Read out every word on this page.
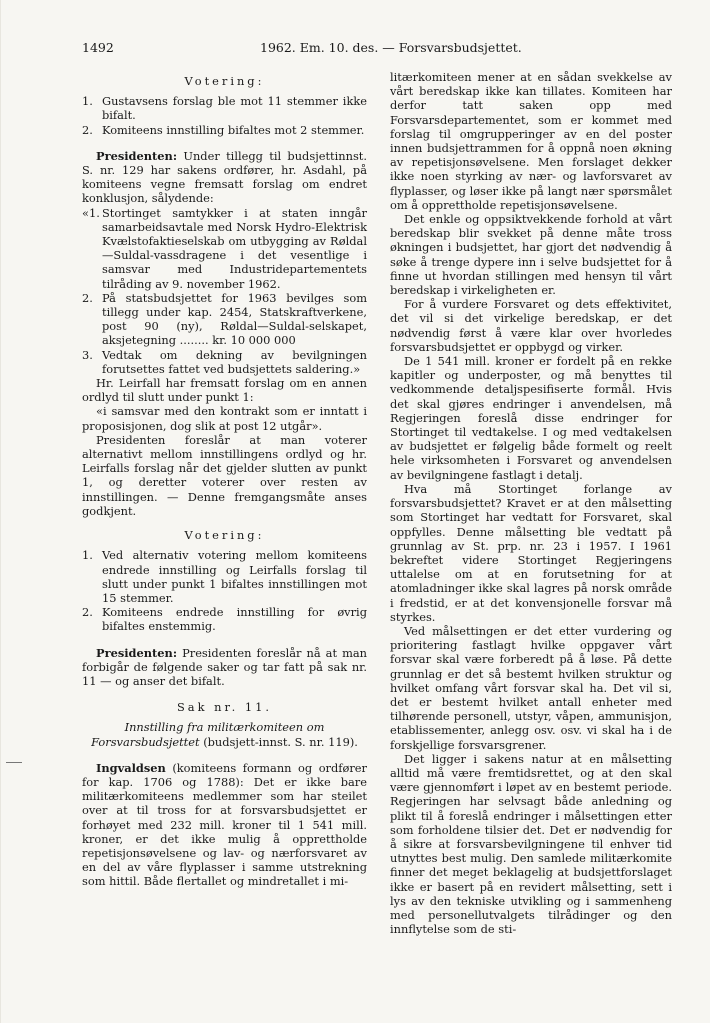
1492	1962. Em. 10. des. — Forsvarsbudsjettet.
Votering:
1. Gustavsens forslag ble mot 11 stemmer ikke bifalt.
2. Komiteens innstilling bifaltes mot 2 stemmer.

Presidenten: Under tillegg til budsjettinnst. S. nr. 129 har sakens ordfører, hr. Asdahl, på komiteens vegne fremsatt forslag om endret konklusjon, sålydende:

«1. Stortinget samtykker i at staten inngår samarbeidsavtale med Norsk Hydro-Elektrisk Kvælstofaktieselskab om utbygging av Røldal—Suldal-vassdragene i det vesentlige i samsvar med Industridepartementets tilråding av 9. november 1962.
2. På statsbudsjettet for 1963 bevilges som tillegg under kap. 2454, Statskraftverkene, post 90 (ny), Røldal—Suldal-selskapet, aksjetegning ........ kr. 10 000 000
3. Vedtak om dekning av bevilgningen forutsettes fattet ved budsjettets saldering.»

Hr. Leirfall har fremsatt forslag om en annen ordlyd til slutt under punkt 1:

«i samsvar med den kontrakt som er inntatt i proposisjonen, dog slik at post 12 utgår».

Presidenten foreslår at man voterer alternativt mellom innstillingens ordlyd og hr. Leirfalls forslag når det gjelder slutten av punkt 1, og deretter voterer over resten av innstillingen. — Denne fremgangsmåte anses godkjent.

Votering:
1. Ved alternativ votering mellom komiteens endrede innstilling og Leirfalls forslag til slutt under punkt 1 bifaltes innstillingen mot 15 stemmer.
2. Komiteens endrede innstilling for øvrig bifaltes enstemmig.

Presidenten: Presidenten foreslår nå at man forbigår de følgende saker og tar fatt på sak nr. 11 — og anser det bifalt.

Sak nr. 11.
Innstilling fra militærkomiteen om Forsvarsbudsjettet (budsjett-innst. S. nr. 119).

Ingvaldsen (komiteens formann og ordfører for kap. 1706 og 1788): Det er ikke bare militærkomiteens medlemmer som har steilet over at til tross for at forsvarsbudsjettet er forhøyet med 232 mill. kroner til 1 541 mill. kroner, er det ikke mulig å opprettholde repetisjonsøvelsene og lav- og nærforsvaret av en del av våre flyplasser i samme utstrekning som hittil. Både flertallet og mindretallet i mi-

litærkomiteen mener at en sådan svekkelse av vårt beredskap ikke kan tillates. Komiteen har derfor tatt saken opp med Forsvarsdepartementet, som er kommet med forslag til omgrupperinger av en del poster innen budsjettrammen for å oppnå noen økning av repetisjonsøvelsene. Men forslaget dekker ikke noen styrking av nær- og lavforsvaret av flyplasser, og løser ikke på langt nær spørsmålet om å opprettholde repetisjonsøvelsene.

Det enkle og oppsiktvekkende forhold at vårt beredskap blir svekket på denne måte tross økningen i budsjettet, har gjort det nødvendig å søke å trenge dypere inn i selve budsjettet for å finne ut hvordan stillingen med hensyn til vårt beredskap i virkeligheten er.

For å vurdere Forsvaret og dets effektivitet, det vil si det virkelige beredskap, er det nødvendig først å være klar over hvorledes forsvarsbudsjettet er oppbygd og virker.

De 1 541 mill. kroner er fordelt på en rekke kapitler og underposter, og må benyttes til vedkommende detaljspesifiserte formål. Hvis det skal gjøres endringer i anvendelsen, må Regjeringen foreslå disse endringer for Stortinget til vedtakelse. I og med vedtakelsen av budsjettet er følgelig både formelt og reelt hele virksomheten i Forsvaret og anvendelsen av bevilgningene fastlagt i detalj.

Hva må Stortinget forlange av forsvarsbudsjettet? Kravet er at den målsetting som Stortinget har vedtatt for Forsvaret, skal oppfylles. Denne målsetting ble vedtatt på grunnlag av St. prp. nr. 23 i 1957. I 1961 bekreftet videre Stortinget Regjeringens uttalelse om at en forutsetning for at atomladninger ikke skal lagres på norsk område i fredstid, er at det konvensjonelle forsvar må styrkes.

Ved målsettingen er det etter vurdering og prioritering fastlagt hvilke oppgaver vårt forsvar skal være forberedt på å løse. På dette grunnlag er det så bestemt hvilken struktur og hvilket omfang vårt forsvar skal ha. Det vil si, det er bestemt hvilket antall enheter med tilhørende personell, utstyr, våpen, ammunisjon, etablissementer, anlegg osv. osv. vi skal ha i de forskjellige forsvarsgrener.

Det ligger i sakens natur at en målsetting alltid må være fremtidsrettet, og at den skal være gjennomført i løpet av en bestemt periode. Regjeringen har selvsagt både anledning og plikt til å foreslå endringer i målsettingen etter som forholdene tilsier det. Det er nødvendig for å sikre at forsvarsbevilgningene til enhver tid utnyttes best mulig. Den samlede militærkomite finner det meget beklagelig at budsjettforslaget ikke er basert på en revidert målsetting, sett i lys av den tekniske utvikling og i sammenheng med personellutvalgets tilrådinger og den innflytelse som de sti-
